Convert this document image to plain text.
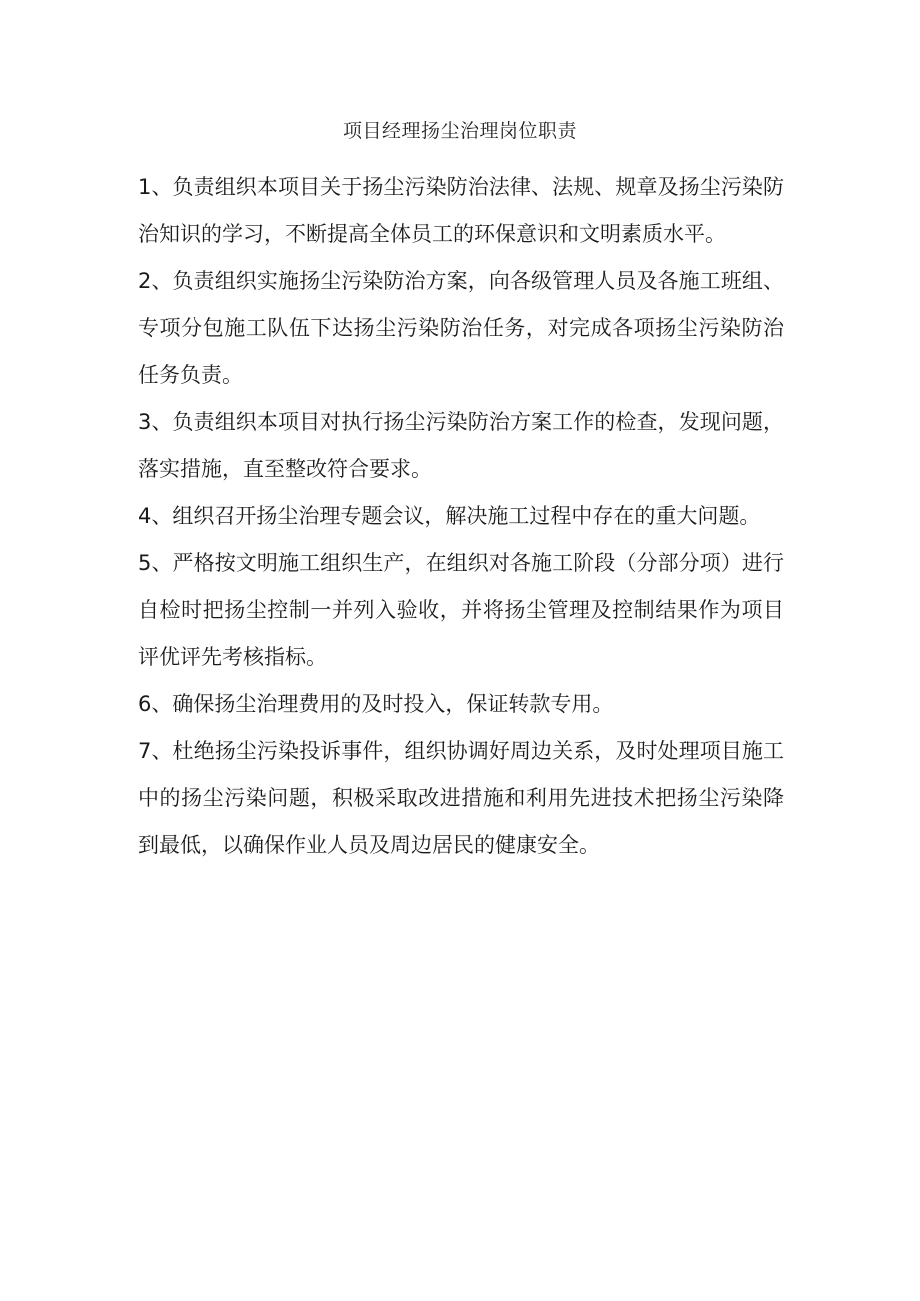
项目经理扬尘治理岗位职责

1、负责组织本项目关于扬尘污染防治法律、法规、规章及扬尘污染防治知识的学习，不断提高全体员工的环保意识和文明素质水平。

2、负责组织实施扬尘污染防治方案，向各级管理人员及各施工班组、专项分包施工队伍下达扬尘污染防治任务，对完成各项扬尘污染防治任务负责。

3、负责组织本项目对执行扬尘污染防治方案工作的检查，发现问题，落实措施，直至整改符合要求。

4、组织召开扬尘治理专题会议，解决施工过程中存在的重大问题。

5、严格按文明施工组织生产，在组织对各施工阶段（分部分项）进行自检时把扬尘控制一并列入验收，并将扬尘管理及控制结果作为项目评优评先考核指标。

6、确保扬尘治理费用的及时投入，保证转款专用。

7、杜绝扬尘污染投诉事件，组织协调好周边关系，及时处理项目施工中的扬尘污染问题，积极采取改进措施和利用先进技术把扬尘污染降到最低，以确保作业人员及周边居民的健康安全。
